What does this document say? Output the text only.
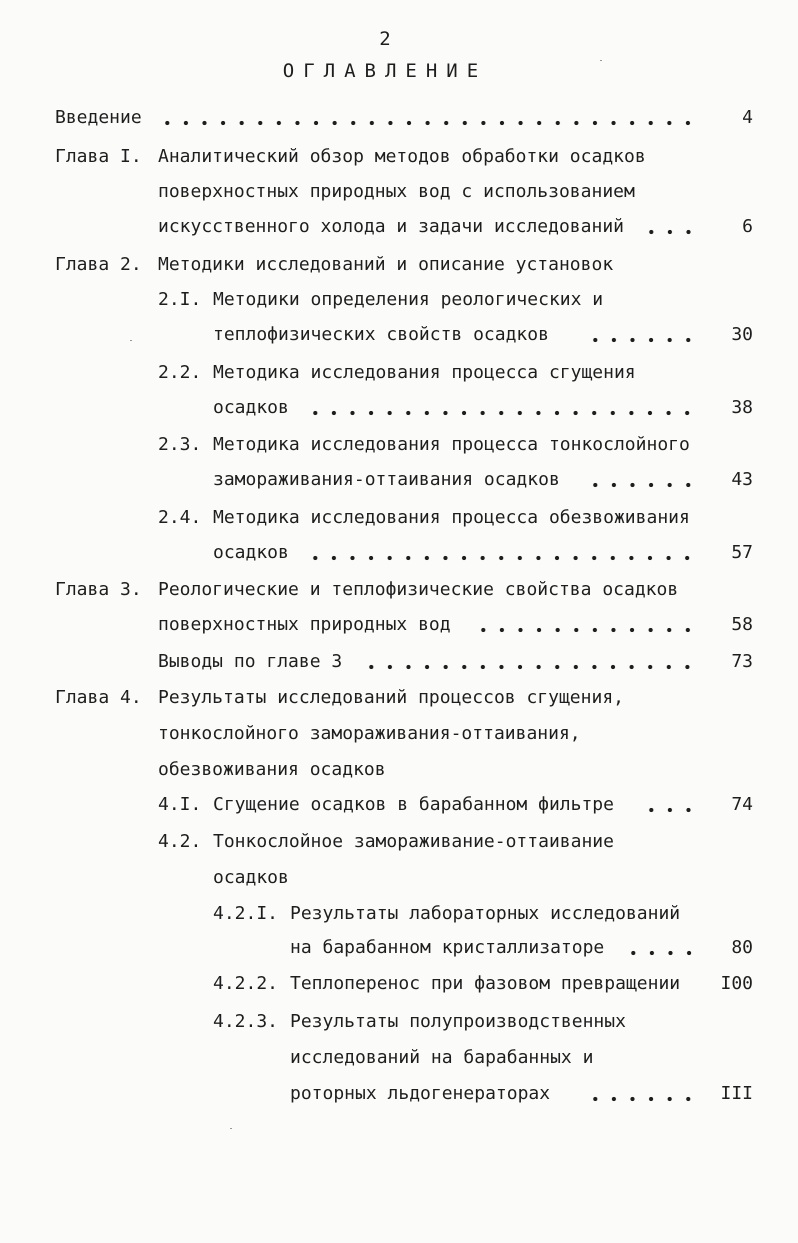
2
ОГЛАВЛЕНИЕ
Введение	4
Глава I. Аналитический обзор методов обработки осадков
поверхностных природных вод с использованием
искусственного холода и задачи исследований	6
Глава 2. Методики исследований и описание установок
2.I. Методики определения реологических и
теплофизических свойств осадков	30
2.2. Методика исследования процесса сгущения
осадков	38
2.3. Методика исследования процесса тонкослойного
замораживания-оттаивания осадков	43
2.4. Методика исследования процесса обезвоживания
осадков	57
Глава 3. Реологические и теплофизические свойства осадков
поверхностных природных вод	58
Выводы по главе 3	73
Глава 4. Результаты исследований процессов сгущения,
тонкослойного замораживания-оттаивания,
обезвоживания осадков
4.I. Сгущение осадков в барабанном фильтре	74
4.2. Тонкослойное замораживание-оттаивание
осадков
4.2.I. Результаты лабораторных исследований
на барабанном кристаллизаторе	80
4.2.2. Теплоперенос при фазовом превращении	I00
4.2.3. Результаты полупроизводственных
исследований на барабанных и
роторных льдогенераторах	III
